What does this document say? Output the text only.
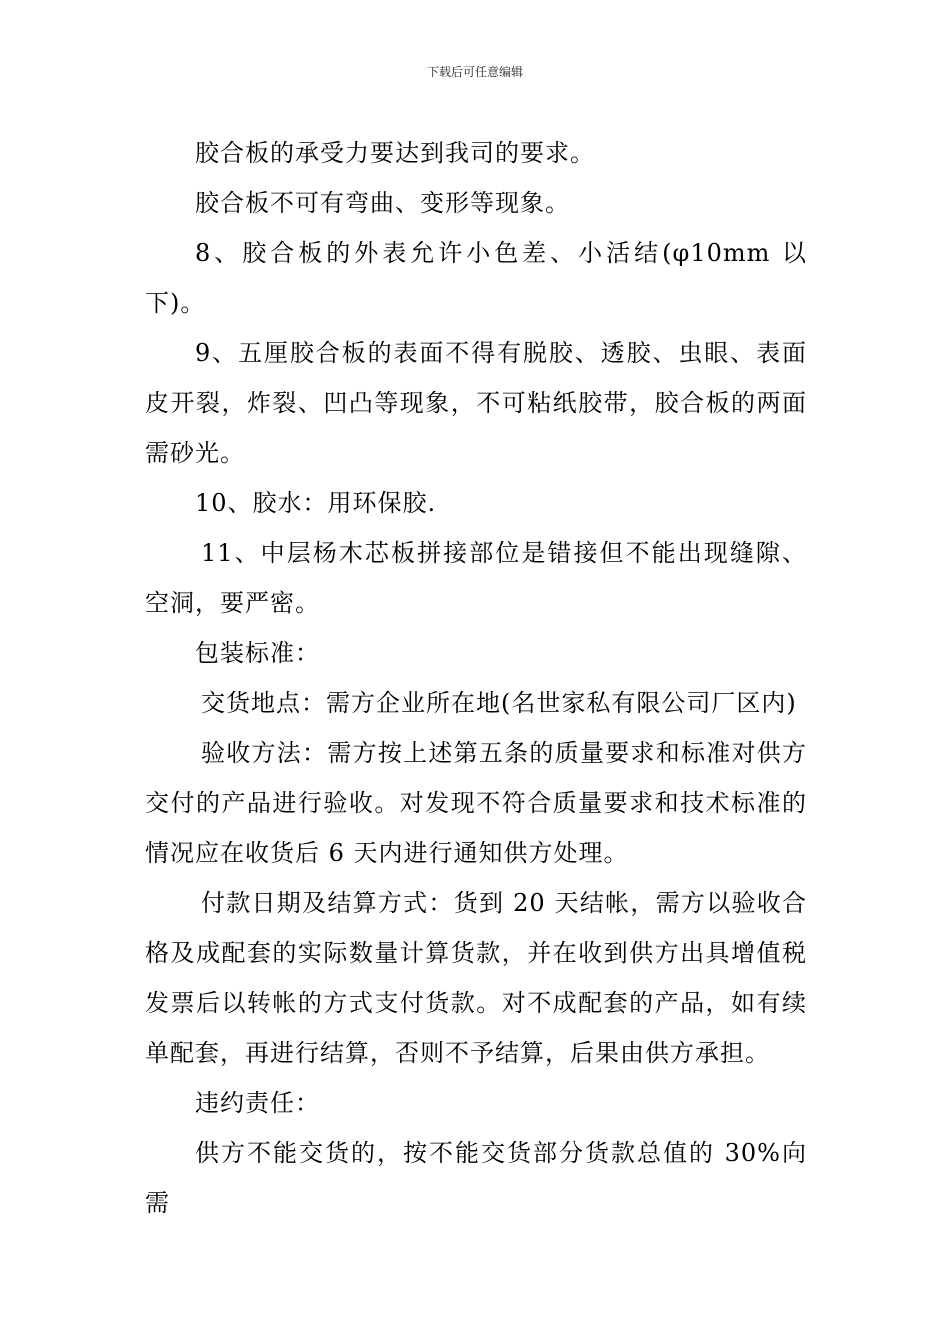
下载后可任意编辑

胶合板的承受力要达到我司的要求。

胶合板不可有弯曲、变形等现象。

8、胶合板的外表允许小色差、小活结(φ10mm 以下)。

9、五厘胶合板的表面不得有脱胶、透胶、虫眼、表面皮开裂，炸裂、凹凸等现象，不可粘纸胶带，胶合板的两面需砂光。

10、胶水：用环保胶.

11、中层杨木芯板拼接部位是错接但不能出现缝隙、空洞，要严密。

包装标准：

交货地点：需方企业所在地(名世家私有限公司厂区内)

验收方法：需方按上述第五条的质量要求和标准对供方交付的产品进行验收。对发现不符合质量要求和技术标准的情况应在收货后 6 天内进行通知供方处理。

付款日期及结算方式：货到 20 天结帐，需方以验收合格及成配套的实际数量计算货款，并在收到供方出具增值税发票后以转帐的方式支付货款。对不成配套的产品，如有续单配套，再进行结算，否则不予结算，后果由供方承担。

违约责任：

供方不能交货的，按不能交货部分货款总值的 30%向需
